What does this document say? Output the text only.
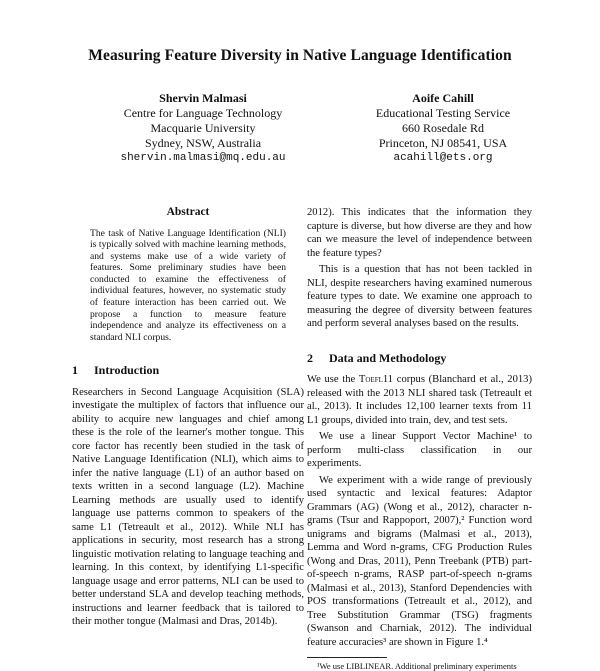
Measuring Feature Diversity in Native Language Identification
Shervin Malmasi
Centre for Language Technology
Macquarie University
Sydney, NSW, Australia
shervin.malmasi@mq.edu.au
Aoife Cahill
Educational Testing Service
660 Rosedale Rd
Princeton, NJ 08541, USA
acahill@ets.org
Abstract
The task of Native Language Identification (NLI) is typically solved with machine learning methods, and systems make use of a wide variety of features. Some preliminary studies have been conducted to examine the effectiveness of individual features, however, no systematic study of feature interaction has been carried out. We propose a function to measure feature independence and analyze its effectiveness on a standard NLI corpus.
1 Introduction

Researchers in Second Language Acquisition (SLA) investigate the multiplex of factors that influence our ability to acquire new languages and chief among these is the role of the learner's mother tongue. This core factor has recently been studied in the task of Native Language Identification (NLI), which aims to infer the native language (L1) of an author based on texts written in a second language (L2). Machine Learning methods are usually used to identify language use patterns common to speakers of the same L1 (Tetreault et al., 2012). While NLI has applications in security, most research has a strong linguistic motivation relating to language teaching and learning. In this context, by identifying L1-specific language usage and error patterns, NLI can be used to better understand SLA and develop teaching methods, instructions and learner feedback that is tailored to their mother tongue (Malmasi and Dras, 2014b).

2012). This indicates that the information they capture is diverse, but how diverse are they and how can we measure the level of independence between the feature types?

This is a question that has not been tackled in NLI, despite researchers having examined numerous feature types to date. We examine one approach to measuring the degree of diversity between features and perform several analyses based on the results.

2 Data and Methodology

We use the Toefl11 corpus (Blanchard et al., 2013) released with the 2013 NLI shared task (Tetreault et al., 2013). It includes 12,100 learner texts from 11 L1 groups, divided into train, dev, and test sets.

We use a linear Support Vector Machine¹ to perform multi-class classification in our experiments.

We experiment with a wide range of previously used syntactic and lexical features: Adaptor Grammars (AG) (Wong et al., 2012), character n-grams (Tsur and Rappoport, 2007),² Function word unigrams and bigrams (Malmasi et al., 2013), Lemma and Word n-grams, CFG Production Rules (Wong and Dras, 2011), Penn Treebank (PTB) part-of-speech n-grams, RASP part-of-speech n-grams (Malmasi et al., 2013), Stanford Dependencies with POS transformations (Tetreault et al., 2012), and Tree Substitution Grammar (TSG) fragments (Swanson and Charniak, 2012). The individual feature accuracies³ are shown in Figure 1.⁴

¹We use LIBLINEAR. Additional preliminary experiments
